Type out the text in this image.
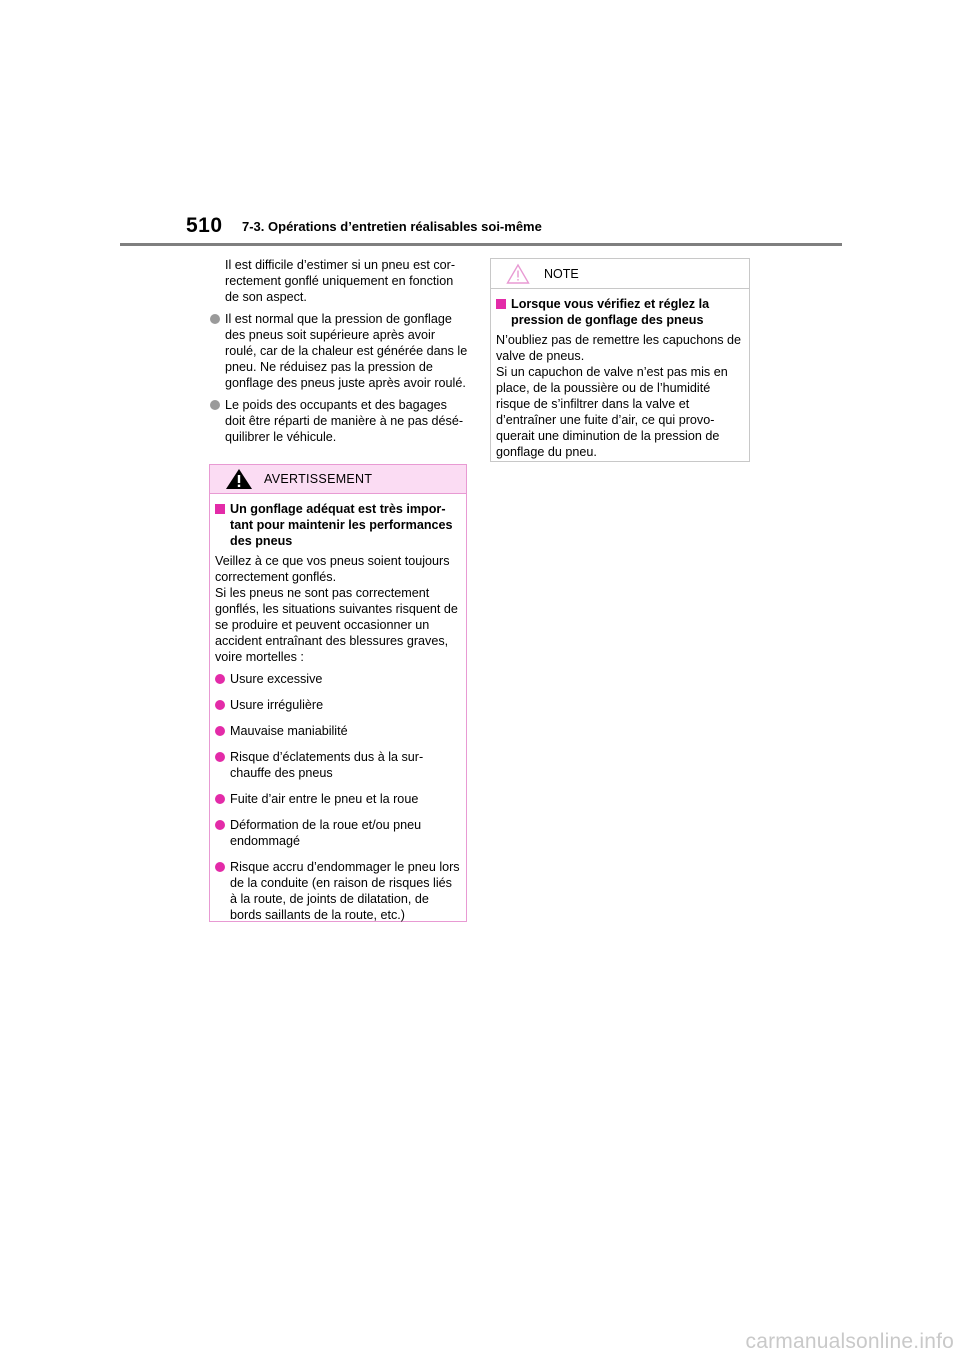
510 7-3. Opérations d’entretien réalisables soi-même
Il est difficile d’estimer si un pneu est cor-rectement gonflé uniquement en fonction de son aspect.
Il est normal que la pression de gonflage des pneus soit supérieure après avoir roulé, car de la chaleur est générée dans le pneu. Ne réduisez pas la pression de gonflage des pneus juste après avoir roulé.
Le poids des occupants et des bagages doit être réparti de manière à ne pas désé-quilibrer le véhicule.
AVERTISSEMENT
Un gonflage adéquat est très impor-tant pour maintenir les performances des pneus
Veillez à ce que vos pneus soient toujours correctement gonflés.
Si les pneus ne sont pas correctement gonflés, les situations suivantes risquent de se produire et peuvent occasionner un accident entraînant des blessures graves, voire mortelles :
Usure excessive
Usure irrégulière
Mauvaise maniabilité
Risque d’éclatements dus à la sur-chauffe des pneus
Fuite d’air entre le pneu et la roue
Déformation de la roue et/ou pneu endommagé
Risque accru d’endommager le pneu lors de la conduite (en raison de risques liés à la route, de joints de dilatation, de bords saillants de la route, etc.)
NOTE
Lorsque vous vérifiez et réglez la pression de gonflage des pneus
N’oubliez pas de remettre les capuchons de valve de pneus.
Si un capuchon de valve n’est pas mis en place, de la poussière ou de l’humidité risque de s’infiltrer dans la valve et d’entraîner une fuite d’air, ce qui provo-querait une diminution de la pression de gonflage du pneu.
carmanualsonline.info
